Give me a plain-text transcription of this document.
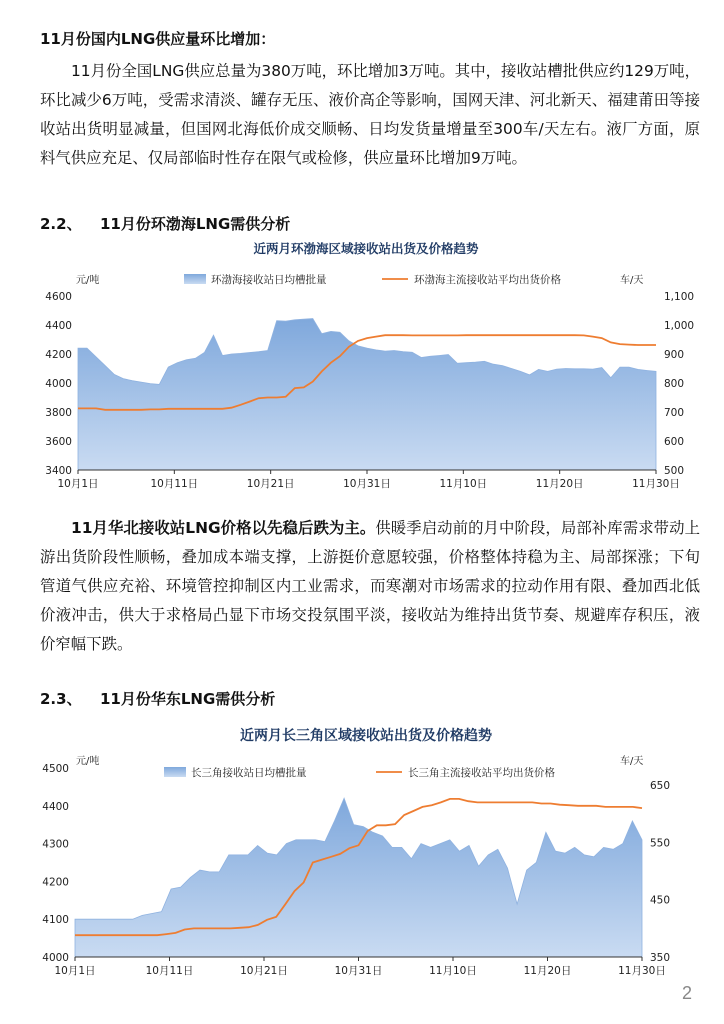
11月份国内LNG供应量环比增加：
11月份全国LNG供应总量为380万吨，环比增加3万吨。其中，接收站槽批供应约129万吨，环比减少6万吨，受需求清淡、罐存无压、液价高企等影响，国网天津、河北新天、福建莆田等接收站出货明显减量，但国网北海低价成交顺畅、日均发货量增量至300车/天左右。液厂方面，原料气供应充足、仅局部临时性存在限气或检修，供应量环比增加9万吨。
2.2、 11月份环渤海LNG需供分析
近两月环渤海区域接收站出货及价格趋势
元/吨	车/天
环渤海接收站日均槽批量	环渤海主流接收站平均出货价格
4600
4400
4200
4000
3800
3600
3400
1,100
1,000
900
800
700
600
500
10月1日	10月11日	10月21日	10月31日	11月10日	11月20日	11月30日
11月华北接收站LNG价格以先稳后跌为主。供暖季启动前的月中阶段，局部补库需求带动上游出货阶段性顺畅，叠加成本端支撑，上游挺价意愿较强，价格整体持稳为主、局部探涨；下旬管道气供应充裕、环境管控抑制区内工业需求，而寒潮对市场需求的拉动作用有限、叠加西北低价液冲击，供大于求格局凸显下市场交投氛围平淡，接收站为维持出货节奏、规避库存积压，液价窄幅下跌。
2.3、 11月份华东LNG需供分析
近两月长三角区域接收站出货及价格趋势
元/吨	车/天
长三角接收站日均槽批量	长三角主流接收站平均出货价格
4500
4400
4300
4200
4100
4000
650
550
450
350
10月1日	10月11日	10月21日	10月31日	11月10日	11月20日	11月30日
2
